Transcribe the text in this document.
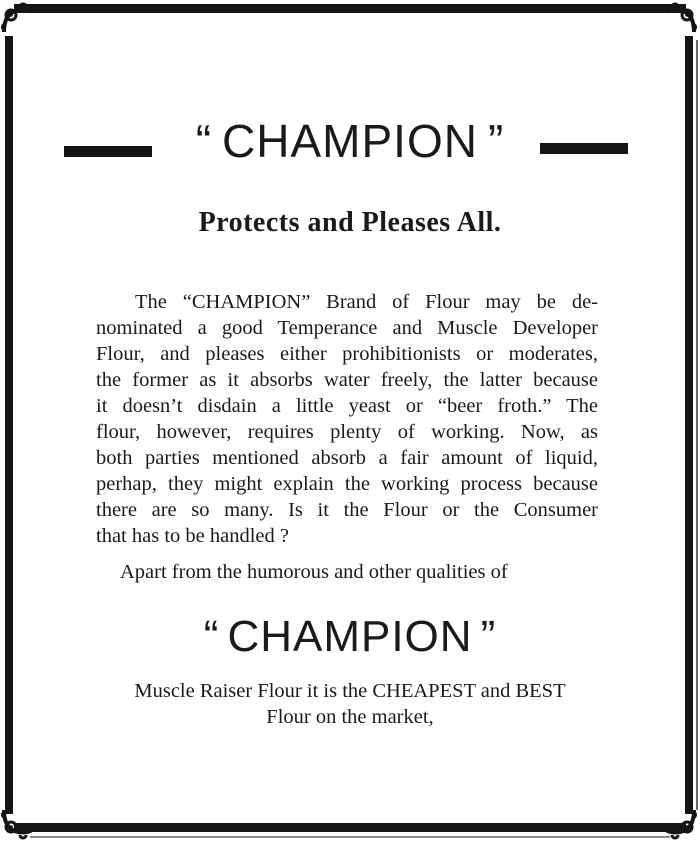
“ CHAMPION ”
Protects and Pleases All.
The “CHAMPION” Brand of Flour may be de-
nominated a good Temperance and Muscle Developer
Flour, and pleases either prohibitionists or moderates,
the former as it absorbs water freely, the latter because
it doesn’t disdain a little yeast or “beer froth.” The
flour, however, requires plenty of working. Now, as
both parties mentioned absorb a fair amount of liquid,
perhap, they might explain the working process because
there are so many. Is it the Flour or the Consumer
that has to be handled ?
Apart from the humorous and other qualities of
“ CHAMPION ”
Muscle Raiser Flour it is the CHEAPEST and BEST
Flour on the market,
